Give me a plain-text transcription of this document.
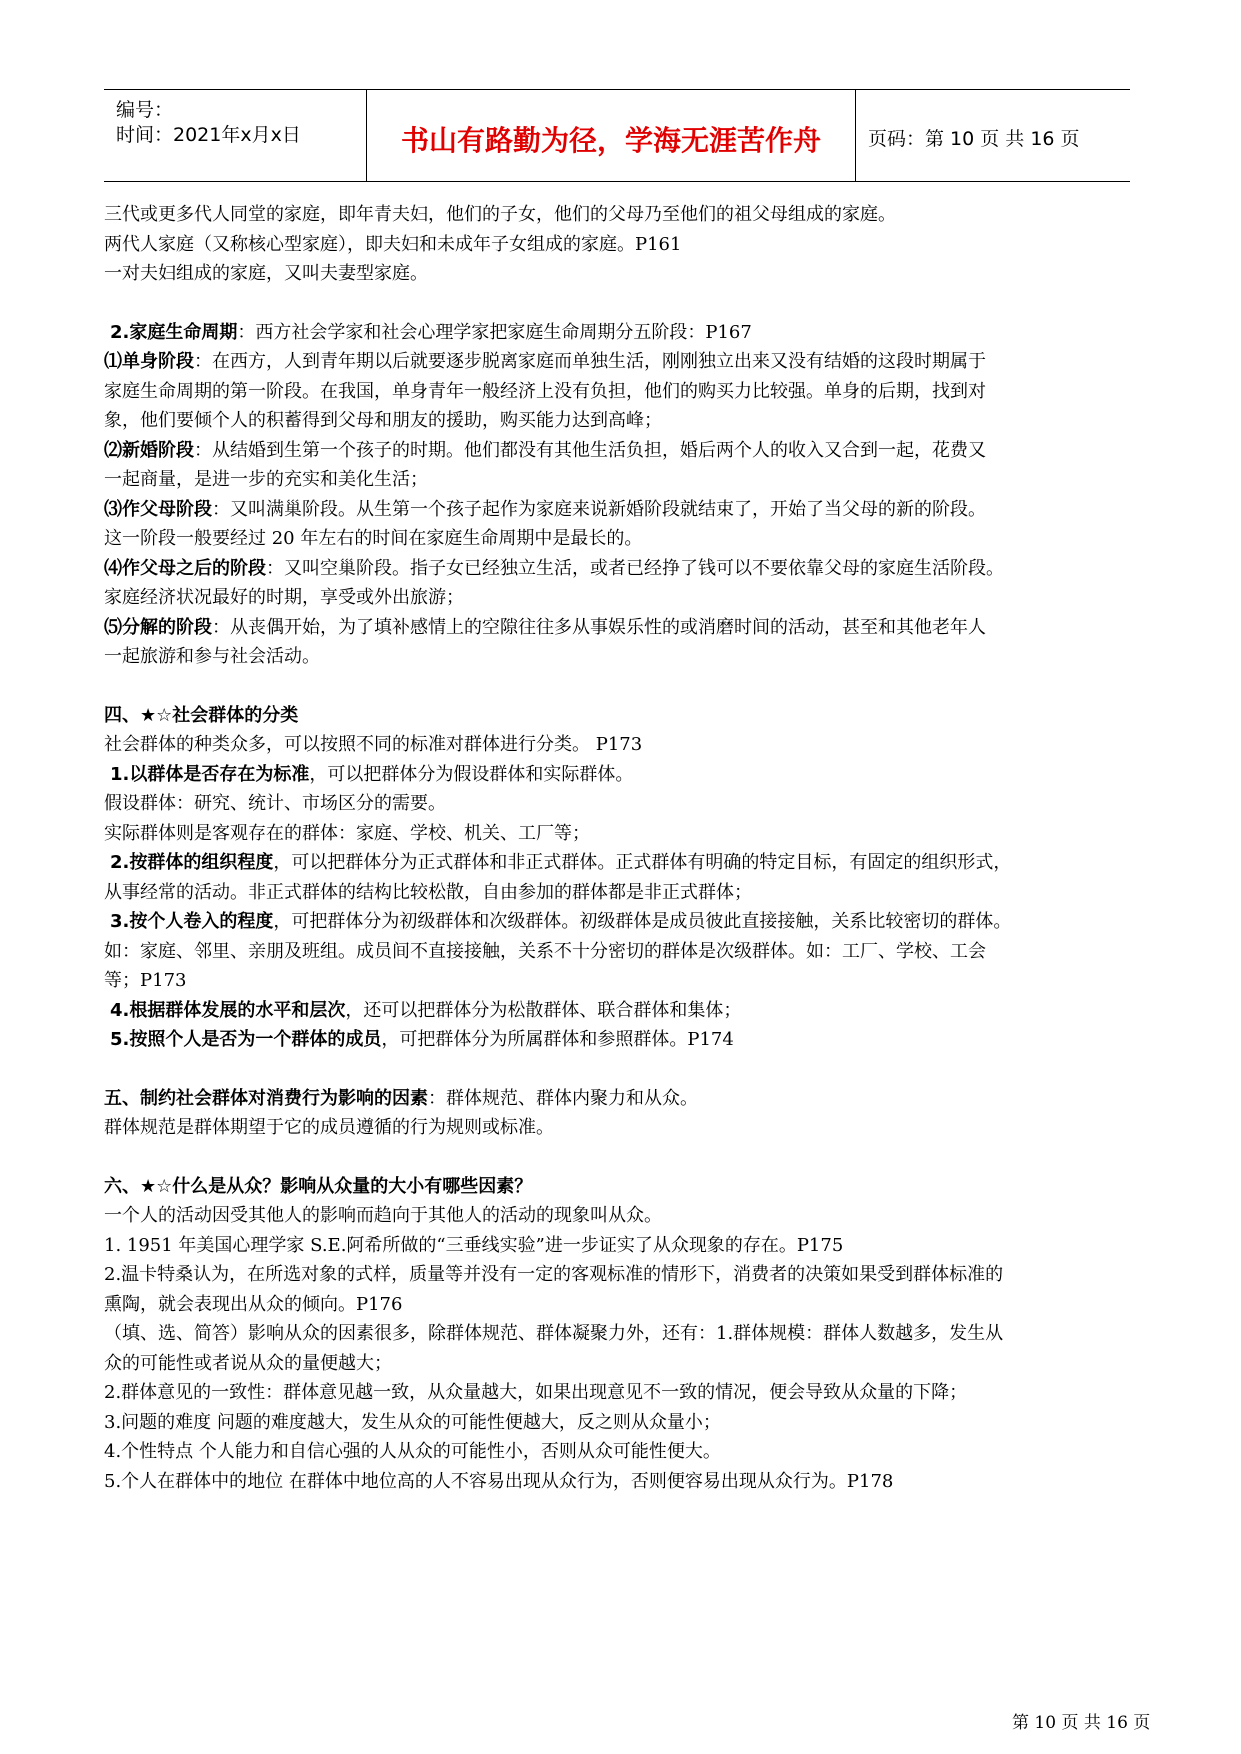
编号：
时间：2021年x月x日	书山有路勤为径，学海无涯苦作舟	页码：第 10 页 共 16 页

三代或更多代人同堂的家庭，即年青夫妇，他们的子女，他们的父母乃至他们的祖父母组成的家庭。

两代人家庭（又称核心型家庭），即夫妇和未成年子女组成的家庭。P161

一对夫妇组成的家庭，又叫夫妻型家庭。

2.家庭生命周期：西方社会学家和社会心理学家把家庭生命周期分五阶段：P167

⑴单身阶段：在西方，人到青年期以后就要逐步脱离家庭而单独生活，刚刚独立出来又没有结婚的这段时期属于

家庭生命周期的第一阶段。在我国，单身青年一般经济上没有负担，他们的购买力比较强。单身的后期，找到对

象，他们要倾个人的积蓄得到父母和朋友的援助，购买能力达到高峰；

⑵新婚阶段：从结婚到生第一个孩子的时期。他们都没有其他生活负担，婚后两个人的收入又合到一起，花费又

一起商量，是进一步的充实和美化生活；

⑶作父母阶段：又叫满巢阶段。从生第一个孩子起作为家庭来说新婚阶段就结束了，开始了当父母的新的阶段。

这一阶段一般要经过 20 年左右的时间在家庭生命周期中是最长的。

⑷作父母之后的阶段：又叫空巢阶段。指子女已经独立生活，或者已经挣了钱可以不要依靠父母的家庭生活阶段。

家庭经济状况最好的时期，享受或外出旅游；

⑸分解的阶段：从丧偶开始，为了填补感情上的空隙往往多从事娱乐性的或消磨时间的活动，甚至和其他老年人

一起旅游和参与社会活动。

四、★☆社会群体的分类

社会群体的种类众多，可以按照不同的标准对群体进行分类。 P173

1.以群体是否存在为标准，可以把群体分为假设群体和实际群体。

假设群体：研究、统计、市场区分的需要。

实际群体则是客观存在的群体：家庭、学校、机关、工厂等；

2.按群体的组织程度，可以把群体分为正式群体和非正式群体。正式群体有明确的特定目标，有固定的组织形式，

从事经常的活动。非正式群体的结构比较松散，自由参加的群体都是非正式群体；

3.按个人卷入的程度，可把群体分为初级群体和次级群体。初级群体是成员彼此直接接触，关系比较密切的群体。

如：家庭、邻里、亲朋及班组。成员间不直接接触，关系不十分密切的群体是次级群体。如：工厂、学校、工会

等；P173

4.根据群体发展的水平和层次，还可以把群体分为松散群体、联合群体和集体；

5.按照个人是否为一个群体的成员，可把群体分为所属群体和参照群体。P174

五、制约社会群体对消费行为影响的因素：群体规范、群体内聚力和从众。

群体规范是群体期望于它的成员遵循的行为规则或标准。

六、★☆什么是从众？影响从众量的大小有哪些因素？

一个人的活动因受其他人的影响而趋向于其他人的活动的现象叫从众。

1. 1951 年美国心理学家 S.E.阿希所做的“三垂线实验”进一步证实了从众现象的存在。P175

2.温卡特桑认为，在所选对象的式样，质量等并没有一定的客观标准的情形下，消费者的决策如果受到群体标准的

熏陶，就会表现出从众的倾向。P176

（填、选、简答）影响从众的因素很多，除群体规范、群体凝聚力外，还有：1.群体规模：群体人数越多，发生从

众的可能性或者说从众的量便越大；

2.群体意见的一致性：群体意见越一致，从众量越大，如果出现意见不一致的情况，便会导致从众量的下降；

3.问题的难度 问题的难度越大，发生从众的可能性便越大，反之则从众量小；

4.个性特点 个人能力和自信心强的人从众的可能性小，否则从众可能性便大。

5.个人在群体中的地位 在群体中地位高的人不容易出现从众行为，否则便容易出现从众行为。P178

第 10 页 共 16 页
